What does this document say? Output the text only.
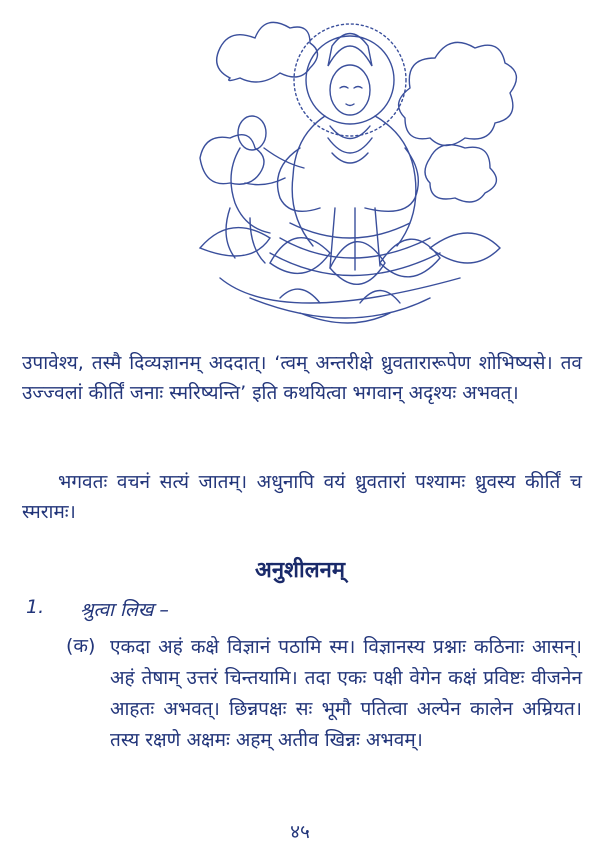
उपावेश्य, तस्मै दिव्यज्ञानम् अददात्। ‘त्वम् अन्तरीक्षे ध्रुवतारारूपेण शोभिष्यसे। तव उज्ज्वलां कीर्तिं जनाः स्मरिष्यन्ति’ इति कथयित्वा भगवान् अदृश्यः अभवत्।

भगवतः वचनं सत्यं जातम्। अधुनापि वयं ध्रुवतारां पश्यामः ध्रुवस्य कीर्तिं च स्मरामः।

अनुशीलनम्
1. श्रुत्वा लिख –
(क) एकदा अहं कक्षे विज्ञानं पठामि स्म। विज्ञानस्य प्रश्नाः कठिनाः आसन्। अहं तेषाम् उत्तरं चिन्तयामि। तदा एकः पक्षी वेगेन कक्षं प्रविष्टः वीजनेन आहतः अभवत्। छिन्नपक्षः सः भूमौ पतित्वा अल्पेन कालेन अम्रियत। तस्य रक्षणे अक्षमः अहम् अतीव खिन्नः अभवम्।

४५
